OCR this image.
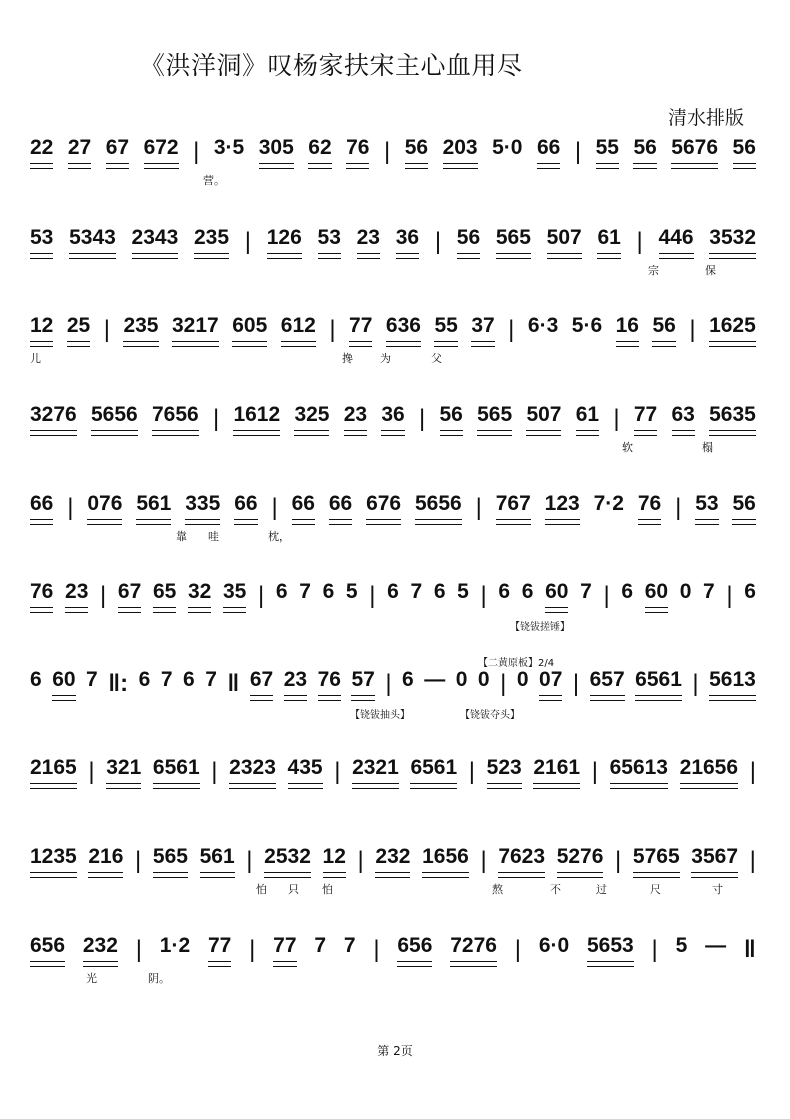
《洪洋洞》叹杨家扶宋主心血用尽
清水排版
22 27 67 672 | 3·5 305 62 76 | 56 203 5·0 66 | 55 56 5676 56
营。
53 5343 2343 235 | 126 53 23 36 | 56 565 507 61 | 446 3532
宗	保
12 25 | 235 3217 605 612 | 77 636 55 37 | 6·3 5·6 16 56 | 1625
儿	搀 为	父
3276 5656 7656 | 1612 325 23 36 | 56 565 507 61 | 77 63 5635
软	榻
66 | 076 561 335 66 | 66 66 676 5656 | 767 123 7·2 76 | 53 56
靠 哇	枕，
76 23 | 67 65 32 35 | 6 7 6 5 | 6 7 6 5 | 6 6 60 7 | 6 60 0 7 | 6
6 60 7 ‖: 6 7 6 7 ‖ 67 23 76 57 | 6 — 0 0 | 0 07 | 657 6561 | 5613
2165 | 321 6561 | 2323 435 | 2321 6561 | 523 2161 | 65613 21656 |
1235 216 | 565 561 | 2532 12 | 232 1656 | 7623 5276 | 5765 3567 |
怕 只 怕	熬	不	过	尺	寸
656 232 | 1·2 77 | 77 7 7 | 656 7276 | 6·0 5653 | 5 — ‖
光	阴。
【铙钹搓锤】
【铙钹抽头】	【铙钹夺头】
【二黄原板】2/4
第 2页
